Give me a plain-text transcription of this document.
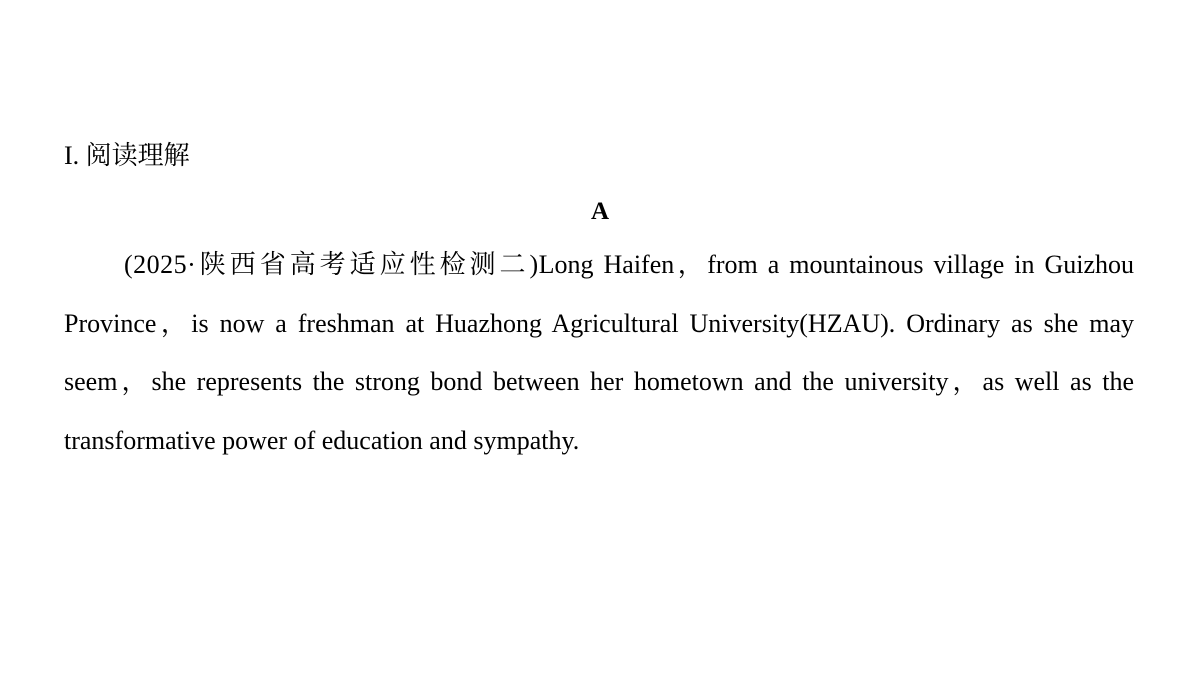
I. 阅读理解
A

(2025·陕西省高考适应性检测二)Long Haifen，from a mountainous village in Guizhou Province，is now a freshman at Huazhong Agricultural University(HZAU). Ordinary as she may seem，she represents the strong bond between her hometown and the university，as well as the transformative power of education and sympathy.
